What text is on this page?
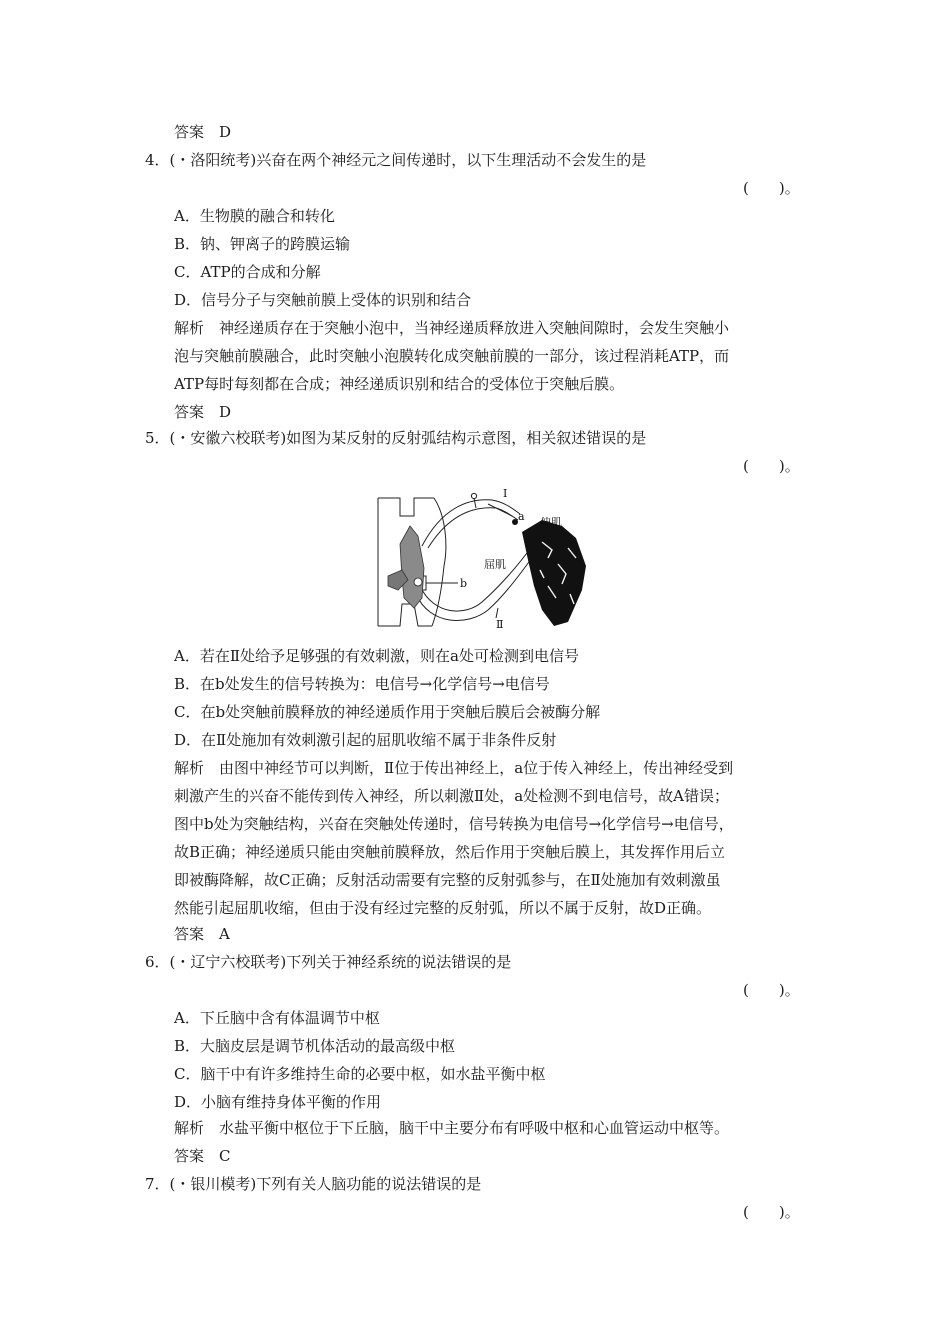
答案　D
4．(・洛阳统考)兴奋在两个神经元之间传递时，以下生理活动不会发生的是
(　　)。
A．生物膜的融合和转化
B．钠、钾离子的跨膜运输
C．ATP的合成和分解
D．信号分子与突触前膜上受体的识别和结合
解析　神经递质存在于突触小泡中，当神经递质释放进入突触间隙时，会发生突触小
泡与突触前膜融合，此时突触小泡膜转化成突触前膜的一部分，该过程消耗ATP，而
ATP每时每刻都在合成；神经递质识别和结合的受体位于突触后膜。
答案　D
5．(・安徽六校联考)如图为某反射的反射弧结构示意图，相关叙述错误的是
(　　)。
I
a 伸肌
屈肌
b
Ⅱ
A．若在Ⅱ处给予足够强的有效刺激，则在a处可检测到电信号
B．在b处发生的信号转换为：电信号→化学信号→电信号
C．在b处突触前膜释放的神经递质作用于突触后膜后会被酶分解
D．在Ⅱ处施加有效刺激引起的屈肌收缩不属于非条件反射
解析　由图中神经节可以判断，Ⅱ位于传出神经上，a位于传入神经上，传出神经受到
刺激产生的兴奋不能传到传入神经，所以刺激Ⅱ处，a处检测不到电信号，故A错误；
图中b处为突触结构，兴奋在突触处传递时，信号转换为电信号→化学信号→电信号，
故B正确；神经递质只能由突触前膜释放，然后作用于突触后膜上，其发挥作用后立
即被酶降解，故C正确；反射活动需要有完整的反射弧参与，在Ⅱ处施加有效刺激虽
然能引起屈肌收缩，但由于没有经过完整的反射弧，所以不属于反射，故D正确。
答案　A
6．(・辽宁六校联考)下列关于神经系统的说法错误的是
(　　)。
A．下丘脑中含有体温调节中枢
B．大脑皮层是调节机体活动的最高级中枢
C．脑干中有许多维持生命的必要中枢，如水盐平衡中枢
D．小脑有维持身体平衡的作用
解析　水盐平衡中枢位于下丘脑，脑干中主要分布有呼吸中枢和心血管运动中枢等。
答案　C
7．(・银川模考)下列有关人脑功能的说法错误的是
(　　)。
